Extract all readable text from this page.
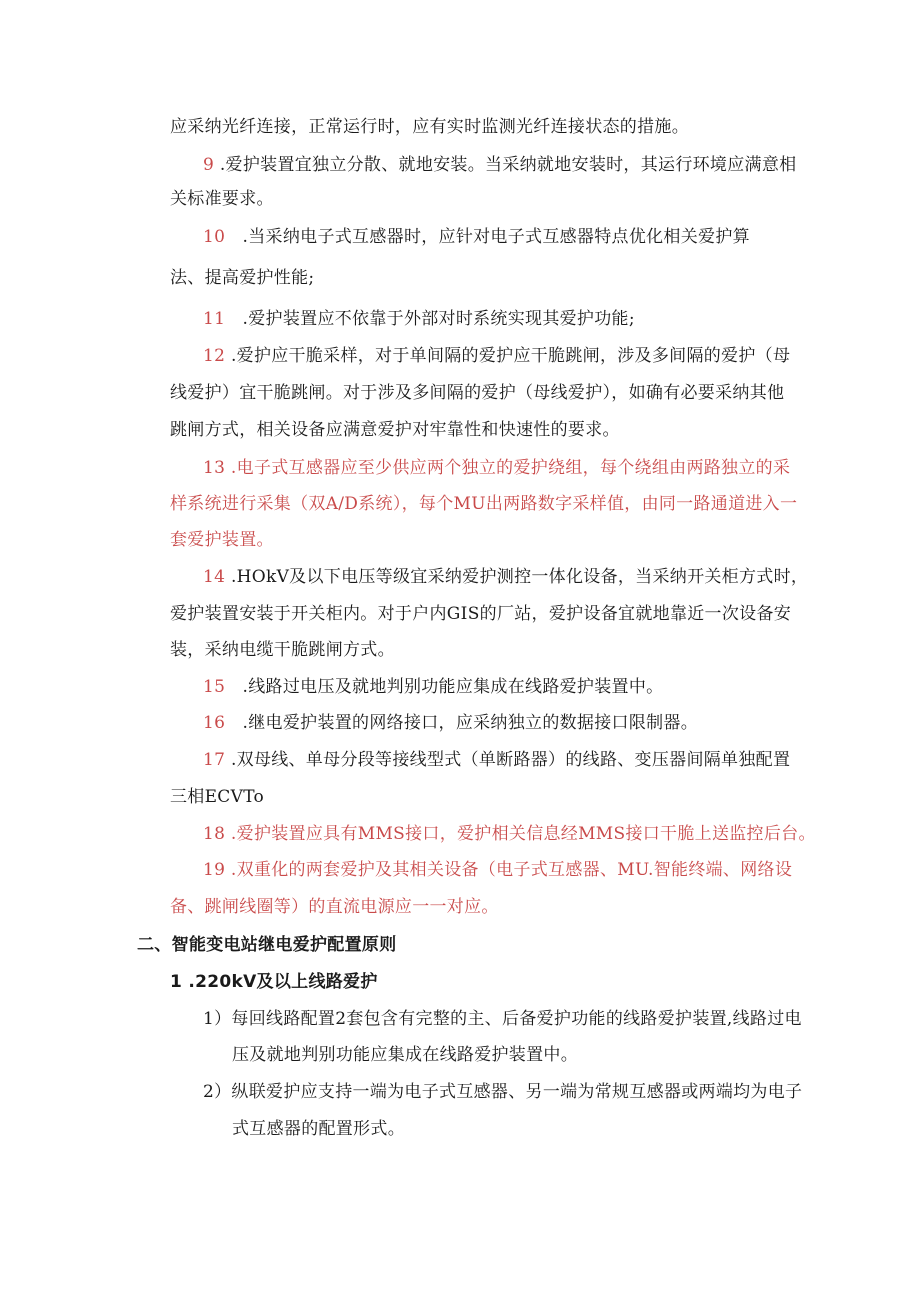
应采纳光纤连接，正常运行时，应有实时监测光纤连接状态的措施。
9 .爱护装置宜独立分散、就地安装。当采纳就地安装时，其运行环境应满意相
关标准要求。
10　.当采纳电子式互感器时，应针对电子式互感器特点优化相关爱护算
法、提高爱护性能;
11　.爱护装置应不依靠于外部对时系统实现其爱护功能;
12 .爱护应干脆采样，对于单间隔的爱护应干脆跳闸，涉及多间隔的爱护（母
线爱护）宜干脆跳闸。对于涉及多间隔的爱护（母线爱护），如确有必要采纳其他
跳闸方式，相关设备应满意爱护对牢靠性和快速性的要求。
13 .电子式互感器应至少供应两个独立的爱护绕组，每个绕组由两路独立的采
样系统进行采集（双A/D系统），每个MU出两路数字采样值，由同一路通道进入一
套爱护装置。
14 .HOkV及以下电压等级宜采纳爱护测控一体化设备，当采纳开关柜方式时，
爱护装置安装于开关柜内。对于户内GIS的厂站，爱护设备宜就地靠近一次设备安
装，采纳电缆干脆跳闸方式。
15　.线路过电压及就地判别功能应集成在线路爱护装置中。
16　.继电爱护装置的网络接口，应采纳独立的数据接口限制器。
17 .双母线、单母分段等接线型式（单断路器）的线路、变压器间隔单独配置
三相ECVTo
18 .爱护装置应具有MMS接口，爱护相关信息经MMS接口干脆上送监控后台。
19 .双重化的两套爱护及其相关设备（电子式互感器、MU.智能终端、网络设
备、跳闸线圈等）的直流电源应一一对应。
二、智能变电站继电爱护配置原则
1 .220kV及以上线路爱护
1）每回线路配置2套包含有完整的主、后备爱护功能的线路爱护装置,线路过电
压及就地判别功能应集成在线路爱护装置中。
2）纵联爱护应支持一端为电子式互感器、另一端为常规互感器或两端均为电子
式互感器的配置形式。
